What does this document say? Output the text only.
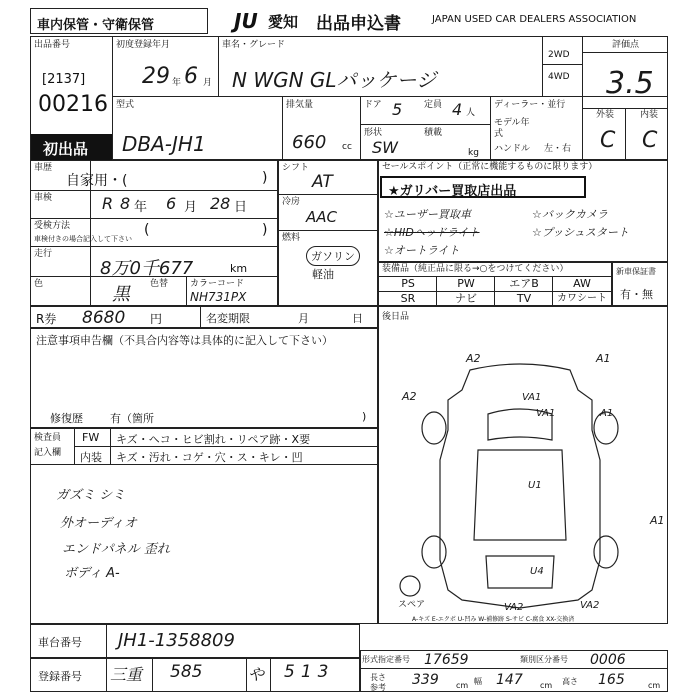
車内保管・守衛保管	JU 愛知 出品申込書	JAPAN USED CAR DEALERS ASSOCIATION
出品番号
[2137]
00216
初出品
初度登録年月
29 年 6 月
車名・グレード
N WGN GLパッケージ
2WD
4WD
評価点
3.5
外装	内装
C C
型式
DBA-JH1
排気量
660 cc
ドア 5 定員 4 人
形状
SW
積載
kg
ディーラー・並行
モデル年式
ハンドル 左・右
車歴
自家用・(	)
車検	R 8 年 6 月 28 日
受検方法
車検付きの場合記入して下さい
(	)
走行
8万0千677	km
色	黒 色替 カラーコード
NH731PX
シフト
AT
冷房
AAC
燃料
ガソリン
軽油
セールスポイント（正常に機能するものに限ります）
★ガリバー買取店出品
☆ユーザー買取車	☆バックカメラ
☆HIDヘッドライト	☆プッシュスタート
☆オートライト
装備品（純正品に限る→○をつけてください）
PS	PW	エアB	AW
SR	ナビ	TV	カワシート
新車保証書
有・無
R券 8680 円	名変期限	月	日 後日品
注意事項申告欄（不具合内容等は具体的に記入して下さい）
修復歴 有（箇所	)
検査員
記入欄
FW キズ・ヘコ・ヒビ割れ・リペア跡・X要
内装 キズ・汚れ・コゲ・穴・ス・キレ・凹
ガズミ シミ
外オーディオ
エンドパネル 歪れ
ボディ A-
A2	A1
A2	VA1
VA1
U1
A1
U4
VA2	VA2
A1
スペア
A-キズ E-エクボ U-凹み W-補修跡 S-サビ C-腐食 XX-交換済
車台番号 JH1-1358809
登録番号 三重 585	や 513
形式指定番号 17659	類別区分番号 0006
長さ
参考 339 cm 幅 147 cm 高さ 165	cm
